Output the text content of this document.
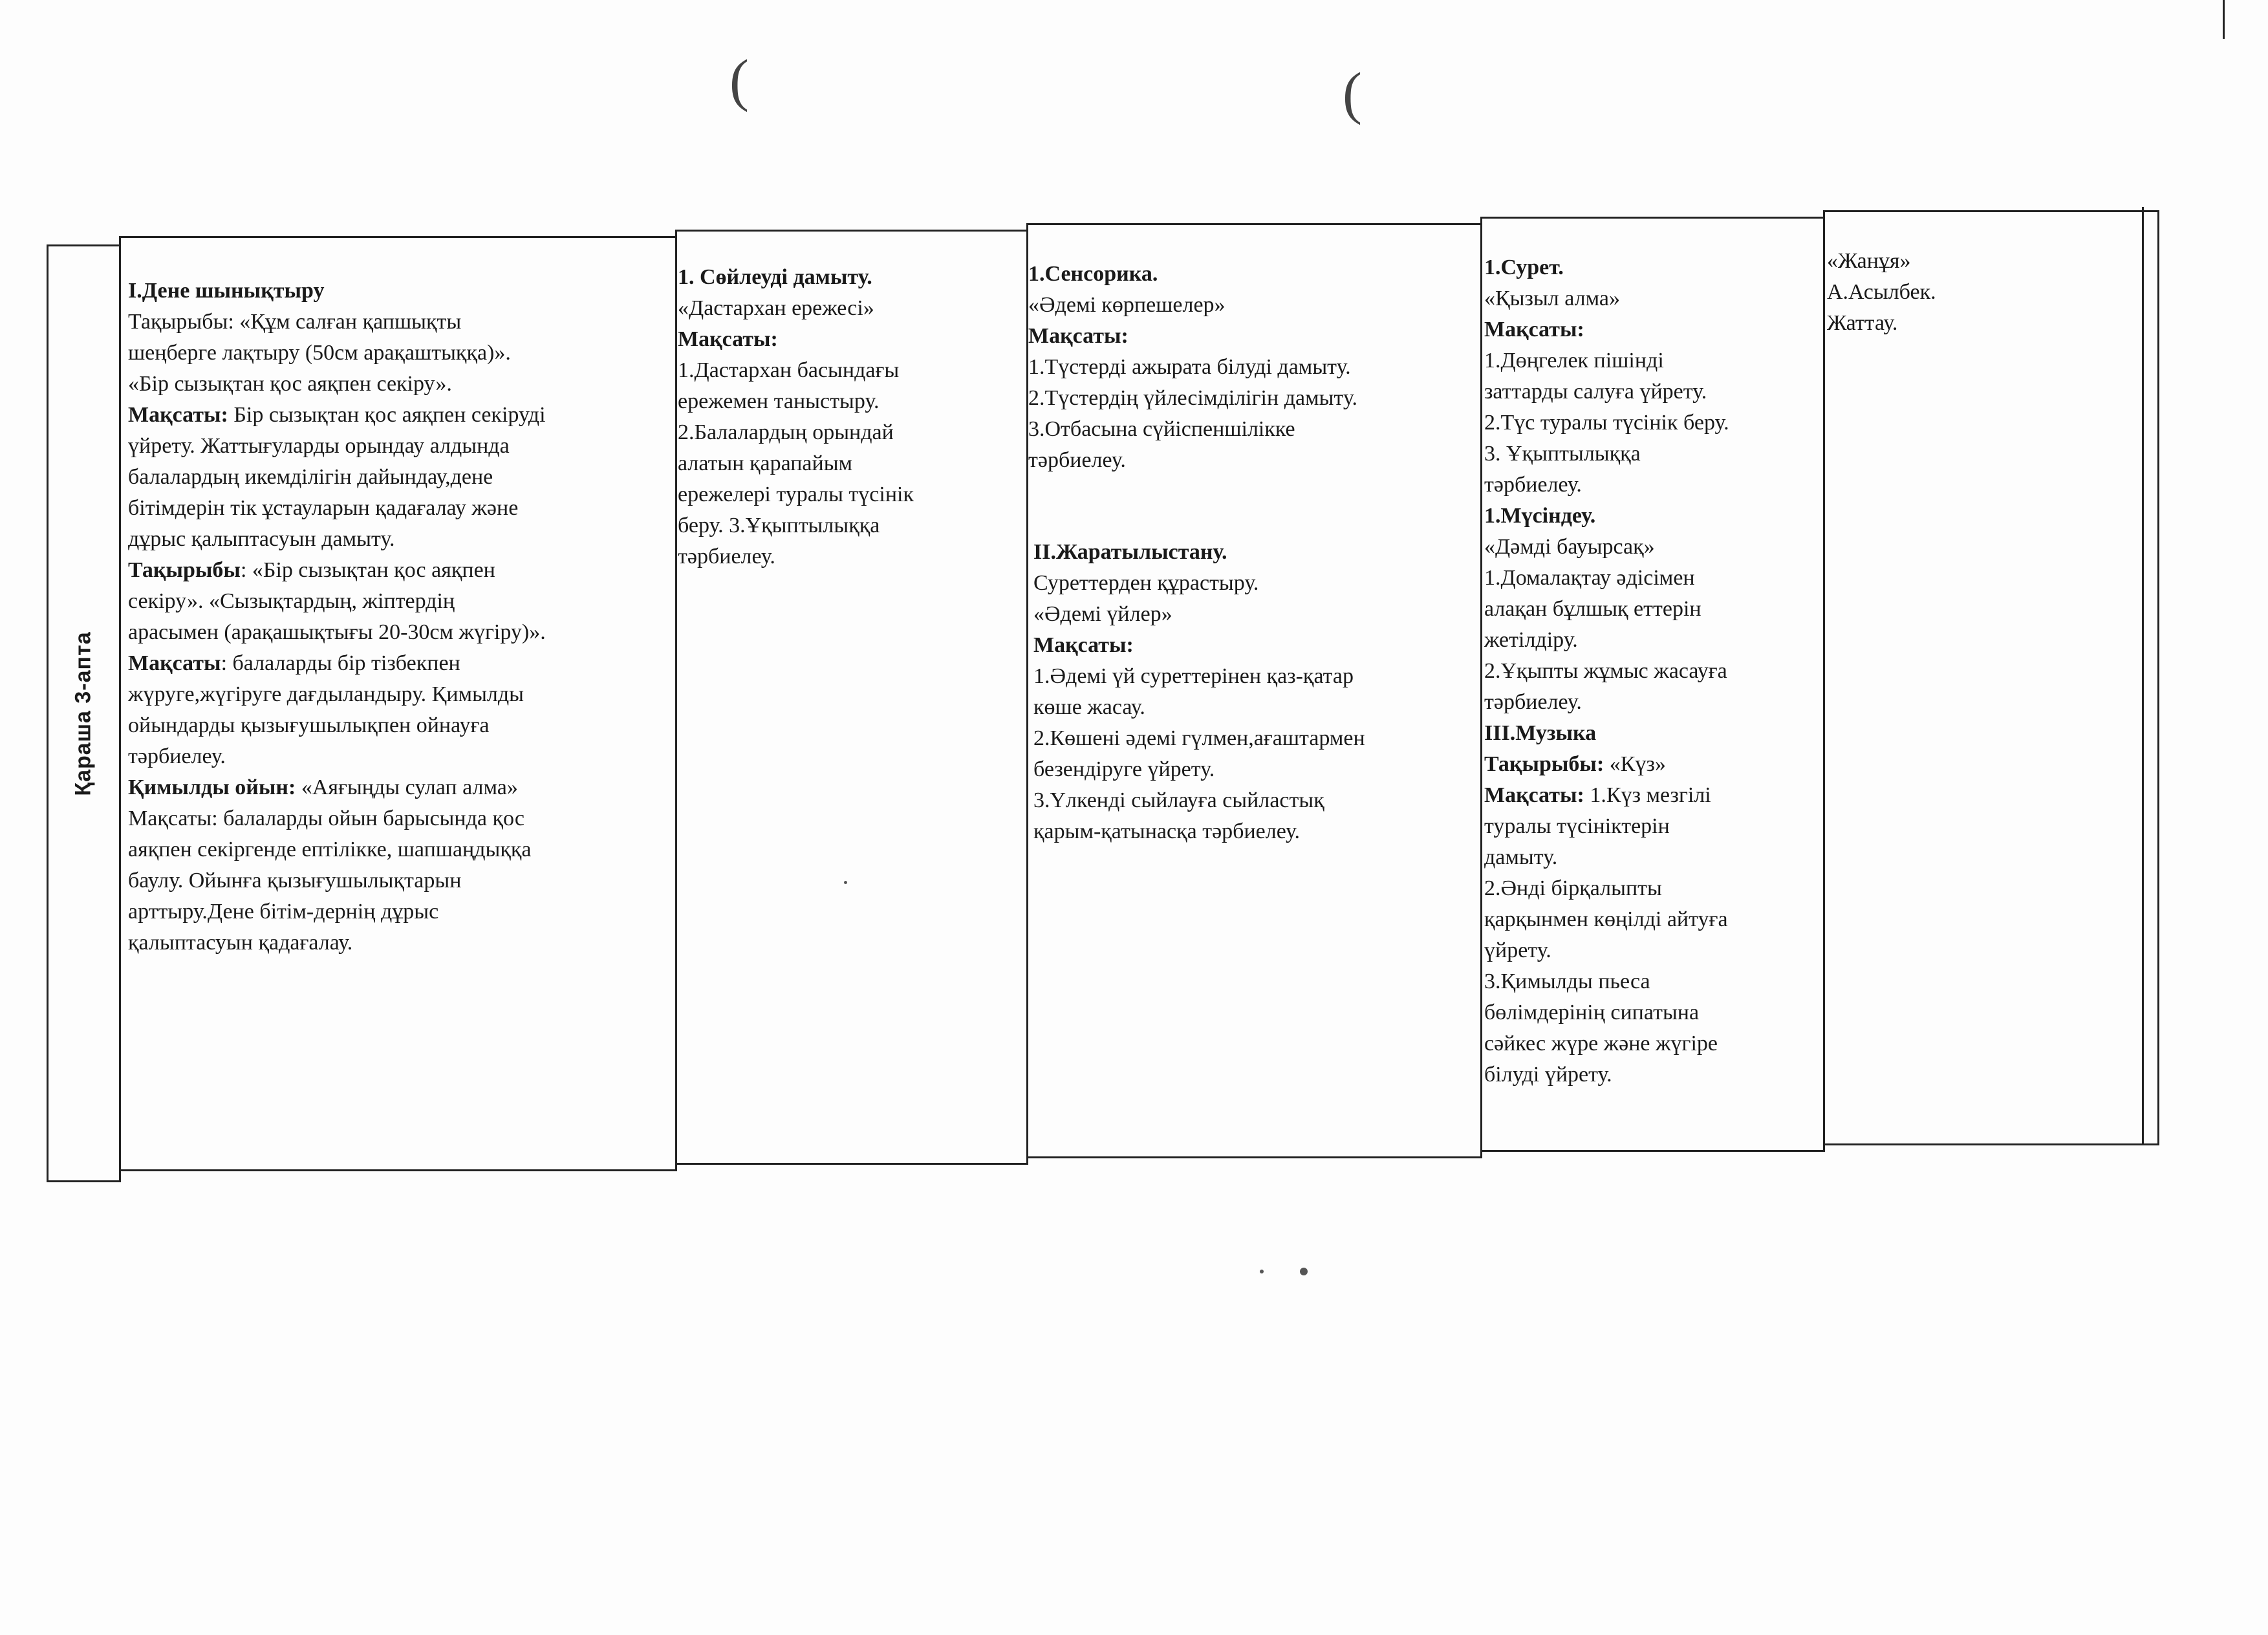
(	(
Қараша 3-апта

I.Дене шынықтыру

Тақырыбы: «Құм салған қапшықты

шеңберге лақтыру (50см арақаштыққа)».

«Бір сызықтан қос аяқпен секіру».

Мақсаты: Бір сызықтан қос аяқпен секіруді

үйрету. Жаттығуларды орындау алдында

балалардың икемділігін дайындау,дене

бітімдерін тік ұстауларын қадағалау және

дұрыс қалыптасуын дамыту.

Тақырыбы: «Бір сызықтан қос аяқпен

секіру». «Сызықтардың, жіптердің

арасымен (арақашықтығы 20-30см жүгіру)».

Мақсаты: балаларды бір тізбекпен

жүруге,жүгіруге дағдыландыру. Қимылды

ойындарды қызығушылықпен ойнауға

тәрбиелеу.

Қимылды ойын: «Аяғыңды сулап алма»

Мақсаты: балаларды ойын барысында қос

аяқпен секіргенде ептілікке, шапшаңдыққа

баулу. Ойынға қызығушылықтарын

арттыру.Дене бітім-дернің дұрыс

қалыптасуын қадағалау.

1. Сөйлеуді дамыту.

«Дастархан ережесі»

Мақсаты:

1.Дастархан басындағы

ережемен таныстыру.

2.Балалардың орындай

алатын қарапайым

ережелері туралы түсінік

беру. 3.Ұқыптылыққа

тәрбиелеу.

1.Сенсорика.

«Әдемі көрпешелер»

Мақсаты:

1.Түстерді ажырата білуді дамыту.

2.Түстердің үйлесімділігін дамыту.

3.Отбасына сүйіспеншілікке

тәрбиелеу.

II.Жаратылыстану.

Суреттерден құрастыру.

«Әдемі үйлер»

Мақсаты:

1.Әдемі үй суреттерінен қаз-қатар

көше жасау.

2.Көшені әдемі гүлмен,ағаштармен

безендіруге үйрету.

3.Үлкенді сыйлауға сыйластық

қарым-қатынасқа тәрбиелеу.

1.Сурет.

«Қызыл алма»

Мақсаты:

1.Дөңгелек пішінді

заттарды салуға үйрету.

2.Түс туралы түсінік беру.

3. Ұқыптылыққа

тәрбиелеу.

1.Мүсіндеу.

«Дәмді бауырсақ»

1.Домалақтау әдісімен

алақан бұлшық еттерін

жетілдіру.

2.Ұқыпты жұмыс жасауға

тәрбиелеу.

III.Музыка

Тақырыбы: «Күз»

Мақсаты: 1.Күз мезгілі

туралы түсініктерін

дамыту.

2.Әнді бірқалыпты

қарқынмен көңілді айтуға

үйрету.

3.Қимылды пьеса

бөлімдерінің сипатына

сәйкес жүре және жүгіре

білуді үйрету.

«Жанұя»

А.Асылбек.

Жаттау.
